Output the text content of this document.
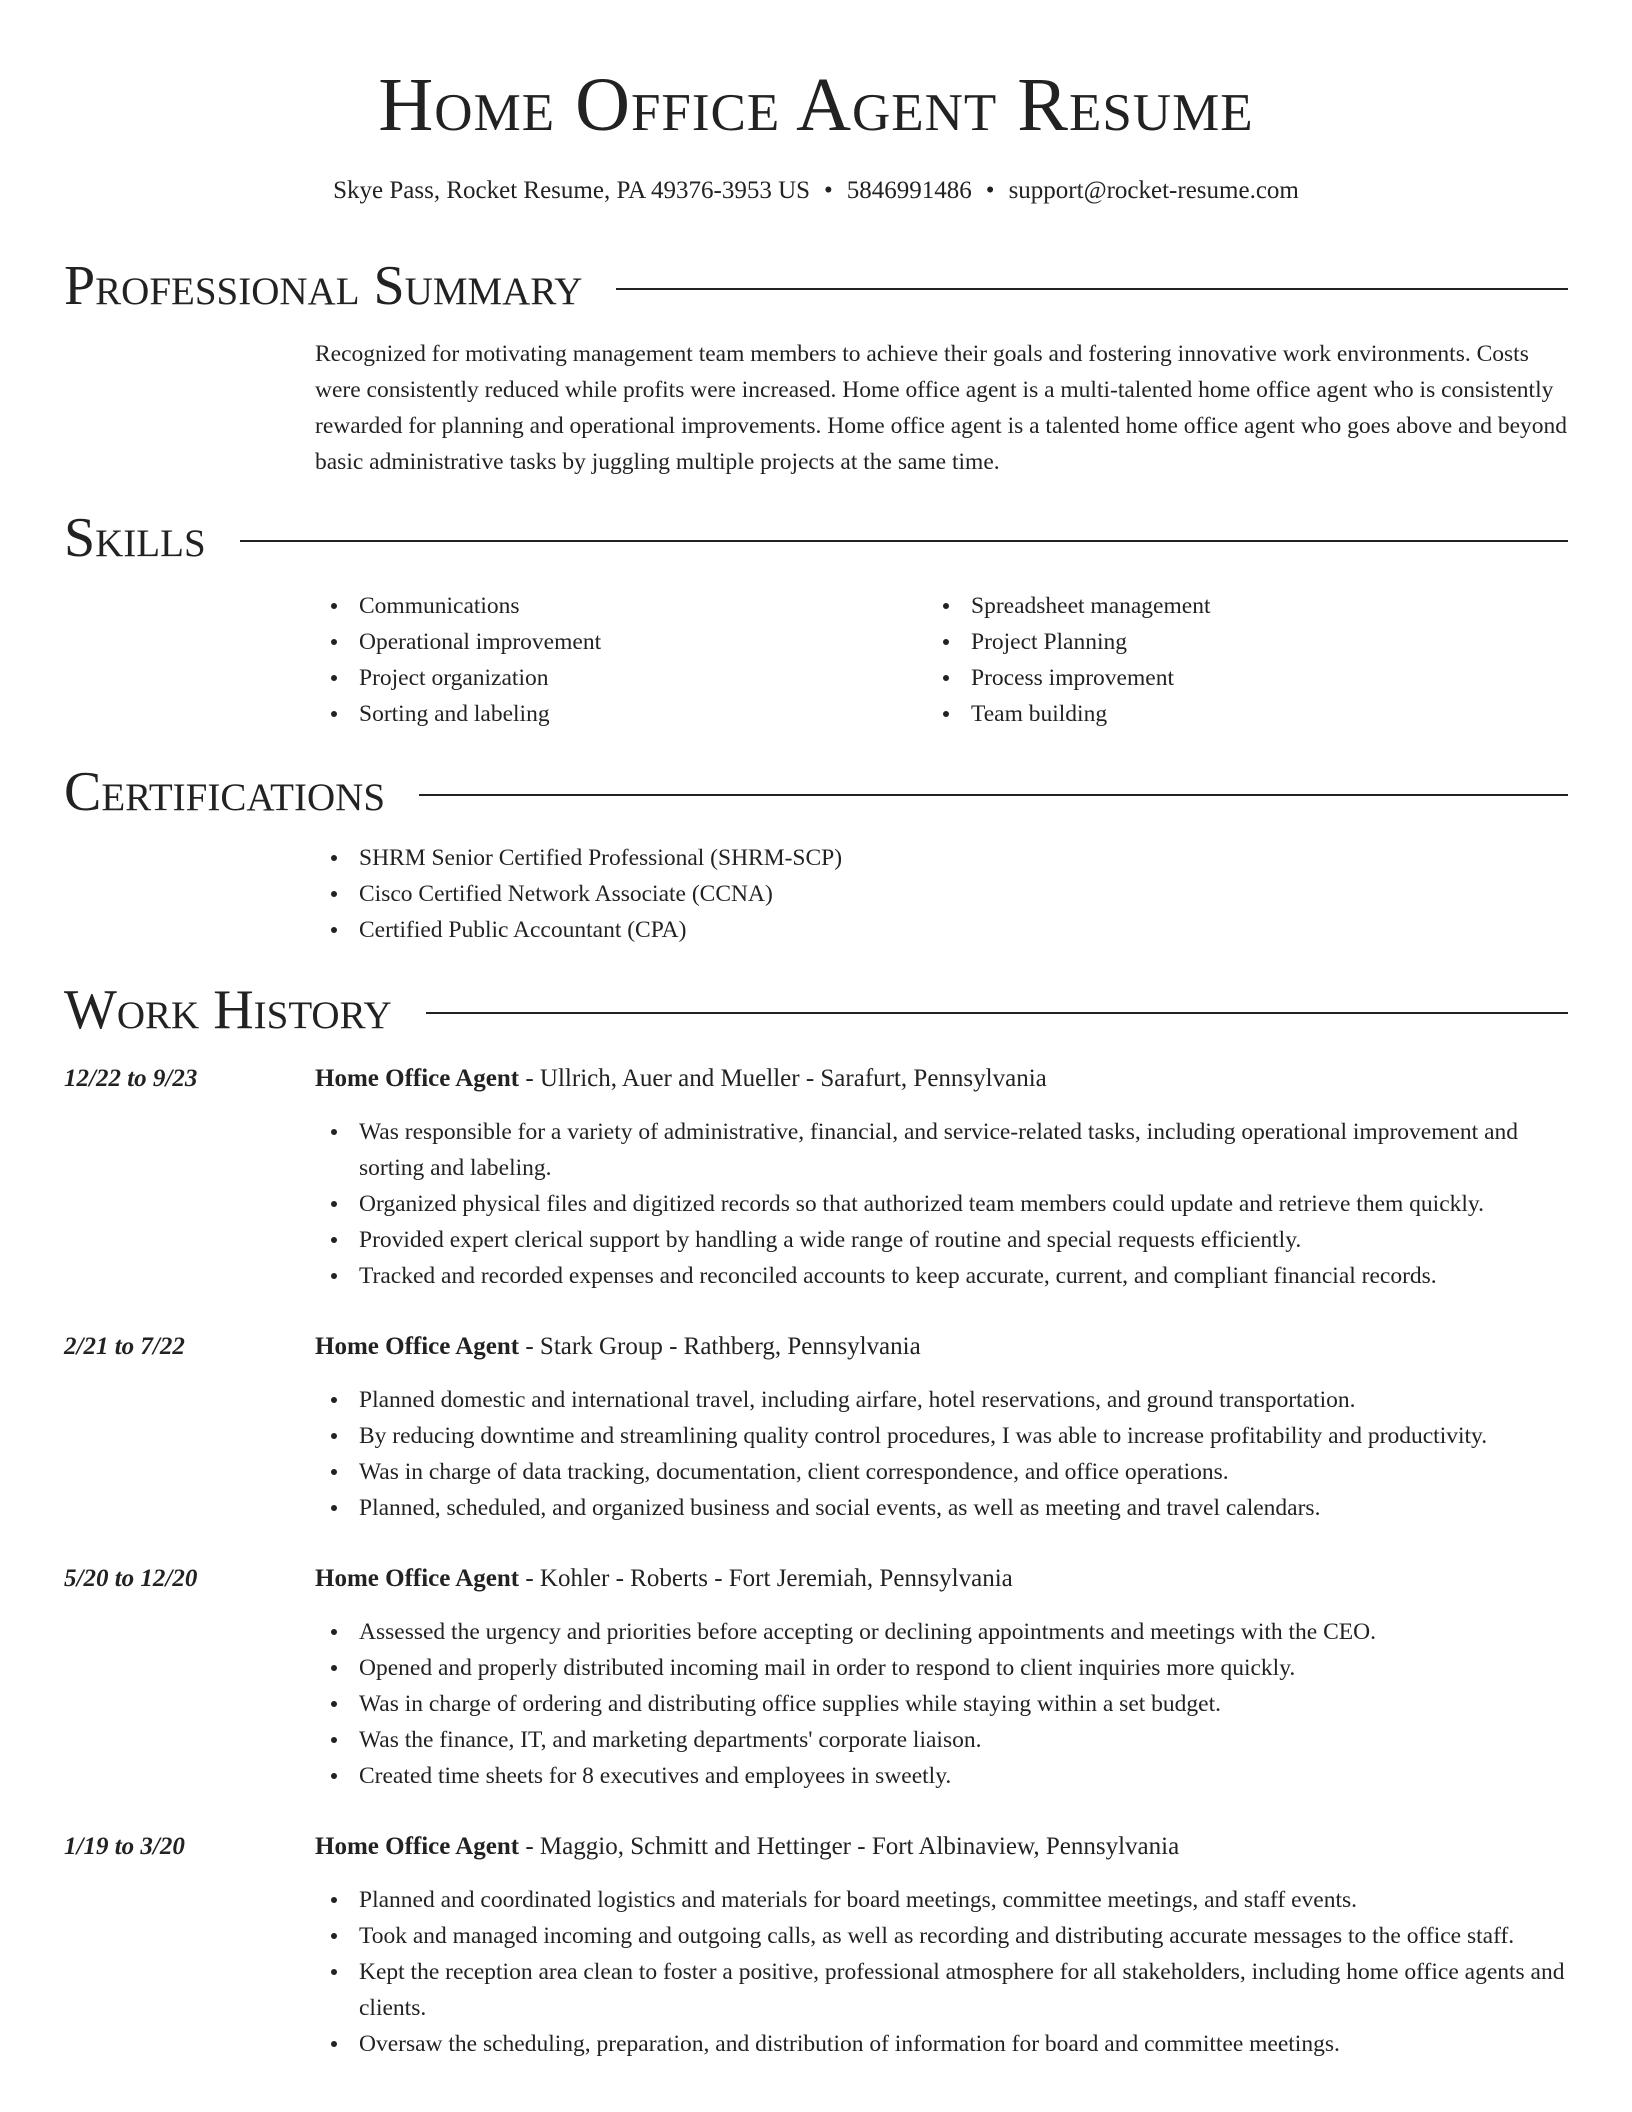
Home Office Agent Resume
Skye Pass, Rocket Resume, PA 49376-3953 US • 5846991486 • support@rocket-resume.com
Professional Summary

Recognized for motivating management team members to achieve their goals and fostering innovative work environments. Costs were consistently reduced while profits were increased. Home office agent is a multi-talented home office agent who is consistently rewarded for planning and operational improvements. Home office agent is a talented home office agent who goes above and beyond basic administrative tasks by juggling multiple projects at the same time.

Skills
Communications
Operational improvement
Project organization
Sorting and labeling
Spreadsheet management
Project Planning
Process improvement
Team building
Certifications
SHRM Senior Certified Professional (SHRM-SCP)
Cisco Certified Network Associate (CCNA)
Certified Public Accountant (CPA)
Work History
12/22 to 9/23	Home Office Agent - Ullrich, Auer and Mueller - Sarafurt, Pennsylvania
Was responsible for a variety of administrative, financial, and service-related tasks, including operational improvement and sorting and labeling.
Organized physical files and digitized records so that authorized team members could update and retrieve them quickly.
Provided expert clerical support by handling a wide range of routine and special requests efficiently.
Tracked and recorded expenses and reconciled accounts to keep accurate, current, and compliant financial records.
2/21 to 7/22	Home Office Agent - Stark Group - Rathberg, Pennsylvania
Planned domestic and international travel, including airfare, hotel reservations, and ground transportation.
By reducing downtime and streamlining quality control procedures, I was able to increase profitability and productivity.
Was in charge of data tracking, documentation, client correspondence, and office operations.
Planned, scheduled, and organized business and social events, as well as meeting and travel calendars.
5/20 to 12/20	Home Office Agent - Kohler - Roberts - Fort Jeremiah, Pennsylvania
Assessed the urgency and priorities before accepting or declining appointments and meetings with the CEO.
Opened and properly distributed incoming mail in order to respond to client inquiries more quickly.
Was in charge of ordering and distributing office supplies while staying within a set budget.
Was the finance, IT, and marketing departments' corporate liaison.
Created time sheets for 8 executives and employees in sweetly.
1/19 to 3/20	Home Office Agent - Maggio, Schmitt and Hettinger - Fort Albinaview, Pennsylvania
Planned and coordinated logistics and materials for board meetings, committee meetings, and staff events.
Took and managed incoming and outgoing calls, as well as recording and distributing accurate messages to the office staff.
Kept the reception area clean to foster a positive, professional atmosphere for all stakeholders, including home office agents and clients.
Oversaw the scheduling, preparation, and distribution of information for board and committee meetings.
